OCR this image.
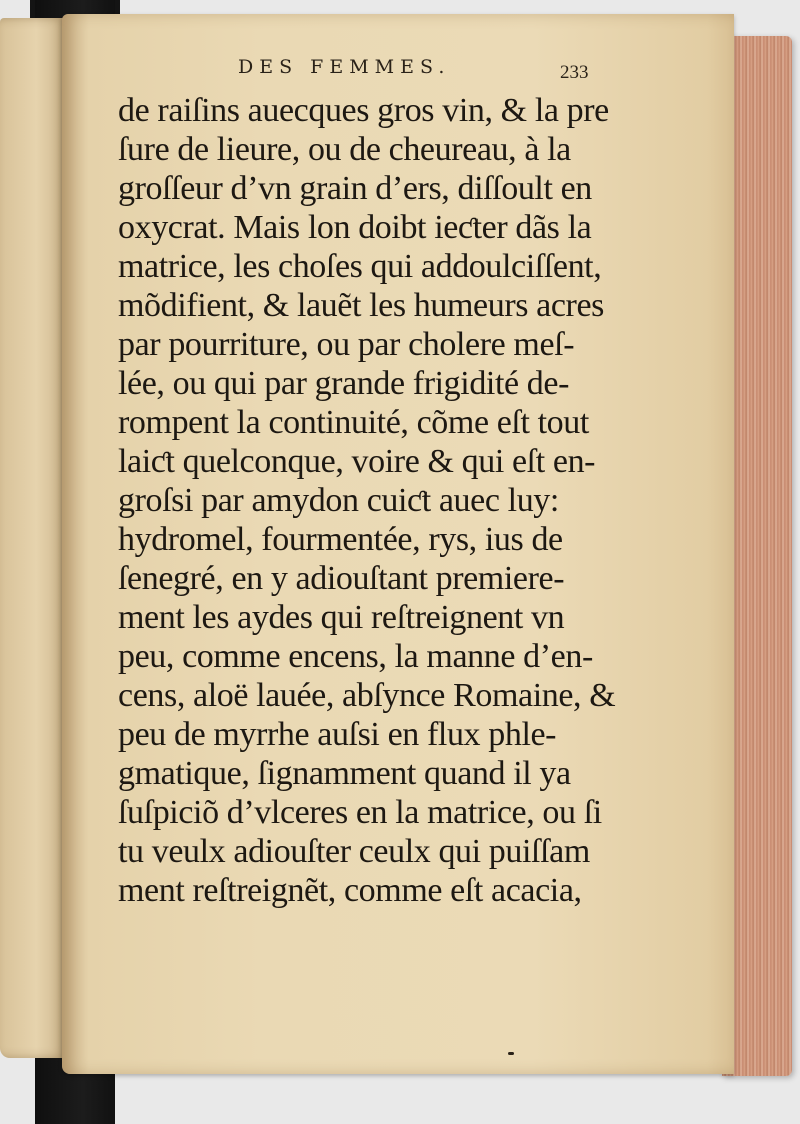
DES FEMMES.	233
de raiſins auecques gros vin, & la pre
ſure de lieure, ou de cheureau, à la
groſſeur d’vn grain d’ers, diſſoult en
oxycrat. Mais lon doibt ieƈter dãs la
matrice, les choſes qui addoulciſſent,
mõdifient, & lauẽt les humeurs acres
par pourriture, ou par cholere meſ-
lée, ou qui par grande frigidité de-
rompent la continuité, cõme eſt tout
laiƈt quelconque, voire & qui eſt en-
groſsi par amydon cuiƈt auec luy:
hydromel, fourmentée, rys, ius de
ſenegré, en y adiouſtant premiere-
ment les aydes qui reſtreignent vn
peu, comme encens, la manne d’en-
cens, aloë lauée, abſynce Romaine, &
peu de myrrhe auſsi en flux phle-
gmatique, ſignamment quand il ya
ſuſpiciõ d’vlceres en la matrice, ou ſi
tu veulx adiouſter ceulx qui puiſſam
ment reſtreignẽt, comme eſt acacia,
